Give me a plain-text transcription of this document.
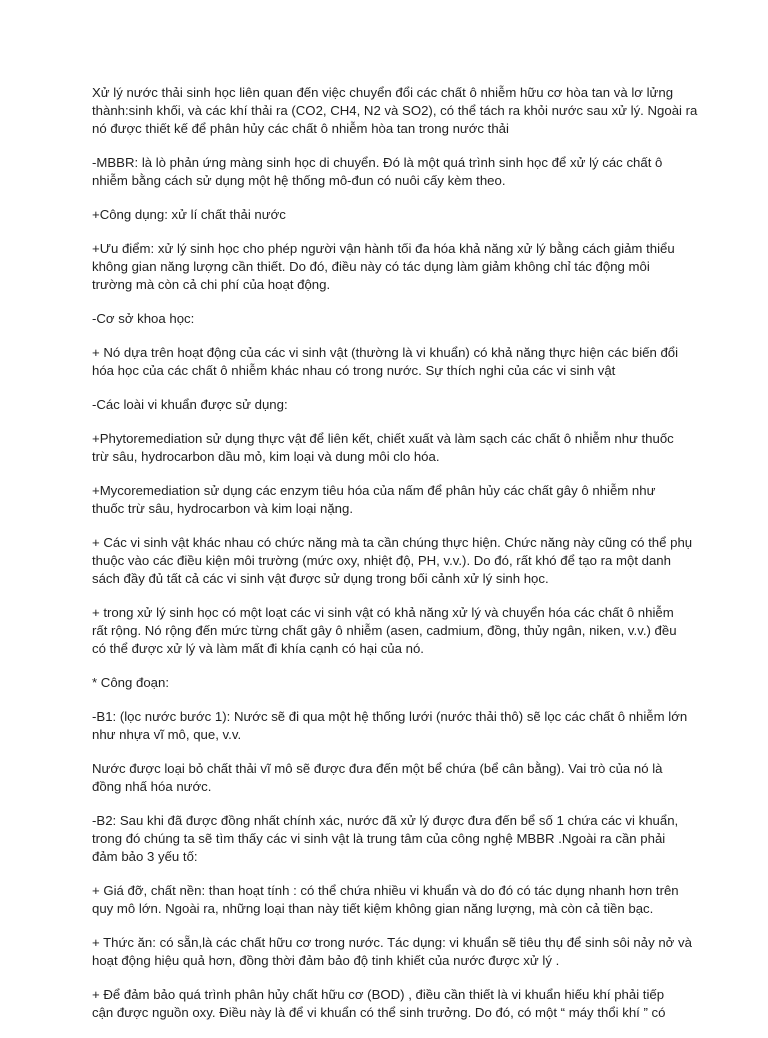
Xử lý nước thải sinh học liên quan đến việc chuyển đổi các chất ô nhiễm hữu cơ hòa tan và lơ lửng
thành:sinh khối, và các khí thải ra (CO2, CH4, N2 và SO2), có thể tách ra khỏi nước sau xử lý. Ngoài ra
nó được thiết kế để phân hủy các chất ô nhiễm hòa tan trong nước thải

-MBBR: là lò phản ứng màng sinh học di chuyển. Đó là một quá trình sinh học để xử lý các chất ô
nhiễm bằng cách sử dụng một hệ thống mô-đun có nuôi cấy kèm theo.

+Công dụng: xử lí chất thải nước

+Ưu điểm: xử lý sinh học cho phép người vận hành tối đa hóa khả năng xử lý bằng cách giảm thiểu
không gian năng lượng cần thiết. Do đó, điều này có tác dụng làm giảm không chỉ tác động môi
trường mà còn cả chi phí của hoạt động.

-Cơ sở khoa học:

+ Nó dựa trên hoạt động của các vi sinh vật (thường là vi khuẩn) có khả năng thực hiện các biến đổi
hóa học của các chất ô nhiễm khác nhau có trong nước. Sự thích nghi của các vi sinh vật

-Các loài vi khuẩn được sử dụng:

+Phytoremediation sử dụng thực vật để liên kết, chiết xuất và làm sạch các chất ô nhiễm như thuốc
trừ sâu, hydrocarbon dầu mỏ, kim loại và dung môi clo hóa.

+Mycoremediation sử dụng các enzym tiêu hóa của nấm để phân hủy các chất gây ô nhiễm như
thuốc trừ sâu, hydrocarbon và kim loại nặng.

+ Các vi sinh vật khác nhau có chức năng mà ta cần chúng thực hiện. Chức năng này cũng có thể phụ
thuộc vào các điều kiện môi trường (mức oxy, nhiệt độ, PH, v.v.). Do đó, rất khó để tạo ra một danh
sách đầy đủ tất cả các vi sinh vật được sử dụng trong bối cảnh xử lý sinh học.

+ trong xử lý sinh học có một loạt các vi sinh vật có khả năng xử lý và chuyển hóa các chất ô nhiễm
rất rộng. Nó rộng đến mức từng chất gây ô nhiễm (asen, cadmium, đồng, thủy ngân, niken, v.v.) đều
có thể được xử lý và làm mất đi khía cạnh có hại của nó.

* Công đoạn:

-B1: (lọc nước bước 1): Nước sẽ đi qua một hệ thống lưới (nước thải thô) sẽ lọc các chất ô nhiễm lớn
như nhựa vĩ mô, que, v.v.

Nước được loại bỏ chất thải vĩ mô sẽ được đưa đến một bể chứa (bể cân bằng). Vai trò của nó là
đồng nhấ hóa nước.

-B2: Sau khi đã được đồng nhất chính xác, nước đã xử lý được đưa đến bể số 1 chứa các vi khuẩn,
trong đó chúng ta sẽ tìm thấy các vi sinh vật là trung tâm của công nghệ MBBR .Ngoài ra cần phải
đảm bảo 3 yếu tố:

+ Giá đỡ, chất nền: than hoạt tính : có thể chứa nhiều vi khuẩn và do đó có tác dụng nhanh hơn trên
quy mô lớn. Ngoài ra, những loại than này tiết kiệm không gian năng lượng, mà còn cả tiền bạc.

+ Thức ăn: có sẵn,là các chất hữu cơ trong nước. Tác dụng: vi khuẩn sẽ tiêu thụ để sinh sôi nảy nở và
hoạt động hiệu quả hơn, đồng thời đảm bảo độ tinh khiết của nước được xử lý .

+ Để đảm bảo quá trình phân hủy chất hữu cơ (BOD) , điều cần thiết là vi khuẩn hiếu khí phải tiếp
cận được nguồn oxy. Điều này là để vi khuẩn có thể sinh trưởng. Do đó, có một “ máy thổi khí ” có
